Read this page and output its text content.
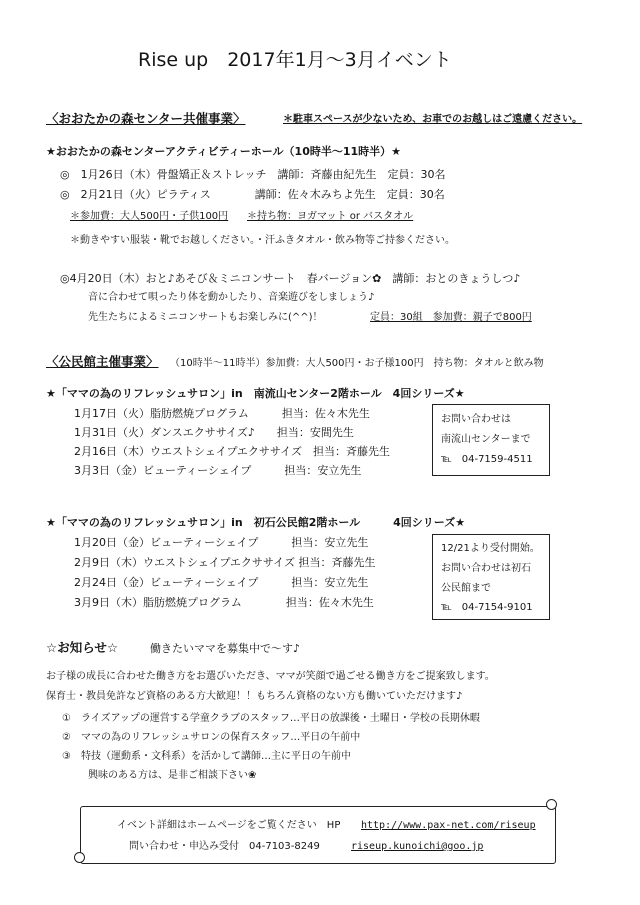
Rise up　2017年1月～3月イベント
〈おおたかの森センター共催事業〉	＊駐車スペースが少ないため、お車でのお越しはご遠慮ください。
★おおたかの森センターアクティビティーホール（10時半～11時半）★
◎　1月26日（木）骨盤矯正＆ストレッチ　講師：斉藤由紀先生　定員：30名
◎　2月21日（火）ピラティス　　　　講師：佐々木みちよ先生　定員：30名
＊参加費：大人500円・子供100円 ＊持ち物：ヨガマット or バスタオル
＊動きやすい服装・靴でお越しください。・汗ふきタオル・飲み物等ご持参ください。
◎4月20日（木）おと♪あそび＆ミニコンサート　春バージョン✿　講師：おとのきょうしつ♪
音に合わせて唄ったり体を動かしたり、音楽遊びをしましょう♪
先生たちによるミニコンサートもお楽しみに(^^)！	定員：30組　参加費：親子で800円
〈公民館主催事業〉 （10時半～11時半）参加費：大人500円・お子様100円　持ち物：タオルと飲み物
★「ママの為のリフレッシュサロン」in　南流山センター2階ホール　4回シリーズ★
1月17日（火）脂肪燃焼プログラム　　　担当：佐々木先生
1月31日（火）ダンスエクササイズ♪　　担当：安間先生
2月16日（木）ウエストシェイプエクササイズ　担当：斉藤先生
3月3日（金）ビューティーシェイプ　　　担当：安立先生
お問い合わせは
南流山センターまで
℡　04-7159-4511
★「ママの為のリフレッシュサロン」in　初石公民館2階ホール　　　4回シリーズ★
1月20日（金）ビューティーシェイプ　　　担当：安立先生
2月9日（木）ウエストシェイプエクササイズ 担当：斉藤先生
2月24日（金）ビューティーシェイプ　　　担当：安立先生
3月9日（木）脂肪燃焼プログラム　　　　担当：佐々木先生
12/21より受付開始。
お問い合わせは初石
公民館まで
℡　04-7154-9101
☆お知らせ☆	働きたいママを募集中で～す♪
お子様の成長に合わせた働き方をお選びいただき、ママが笑顔で過ごせる働き方をご提案致します。
保育士・教員免許など資格のある方大歓迎！！もちろん資格のない方も働いていただけます♪
①　ライズアップの運営する学童クラブのスタッフ…平日の放課後・土曜日・学校の長期休暇
②　ママの為のリフレッシュサロンの保育スタッフ…平日の午前中
③　特技（運動系・文科系）を活かして講師…主に平日の午前中
興味のある方は、是非ご相談下さい❀
イベント詳細はホームページをご覧ください　HP http://www.pax-net.com/riseup
問い合わせ・申込み受付　04-7103-8249	riseup.kunoichi@goo.jp
